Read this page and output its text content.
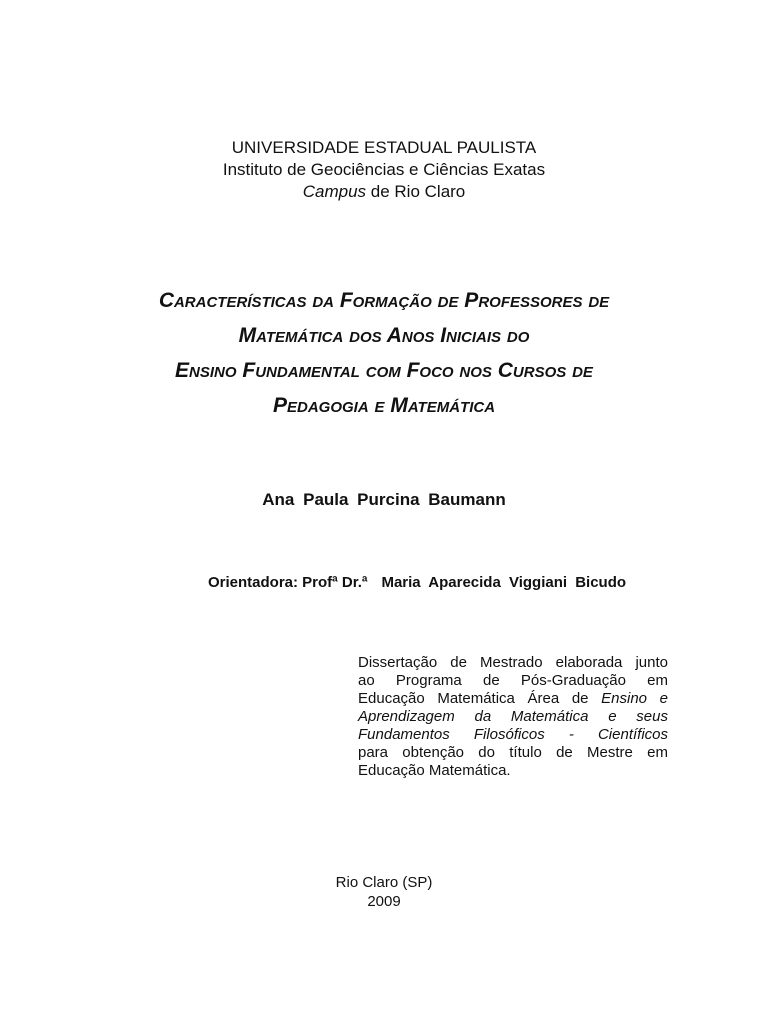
UNIVERSIDADE ESTADUAL PAULISTA
Instituto de Geociências e Ciências Exatas
Campus de Rio Claro
Características da Formação de Professores de
Matemática dos Anos Iniciais do
Ensino Fundamental com Foco nos Cursos de
Pedagogia e Matemática
Ana Paula Purcina Baumann
Orientadora: Profª Dr.ª Maria Aparecida Viggiani Bicudo
Dissertação de Mestrado elaborada junto
ao Programa de Pós-Graduação em
Educação Matemática Área de Ensino e
Aprendizagem da Matemática e seus
Fundamentos Filosóficos - Científicos
para obtenção do título de Mestre em
Educação Matemática.
Rio Claro (SP)
2009
